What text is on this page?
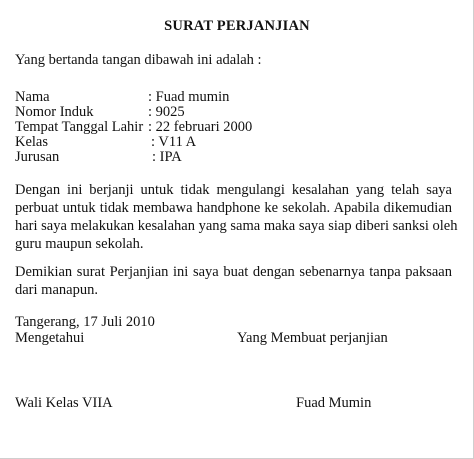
SURAT PERJANJIAN
Yang bertanda tangan dibawah ini adalah :
Nama	: Fuad mumin
Nomor Induk	: 9025
Tempat Tanggal Lahir : 22 februari 2000
Kelas	: V11 A
Jurusan	: IPA
Dengan ini berjanji untuk tidak mengulangi kesalahan yang telah saya
perbuat untuk tidak membawa handphone ke sekolah. Apabila dikemudian
hari saya melakukan kesalahan yang sama maka saya siap diberi sanksi oleh
guru maupun sekolah.
Demikian surat Perjanjian ini saya buat dengan sebenarnya tanpa paksaan
dari manapun.
Tangerang, 17 Juli 2010
Mengetahui	Yang Membuat perjanjian
Wali Kelas VIIA	Fuad Mumin
